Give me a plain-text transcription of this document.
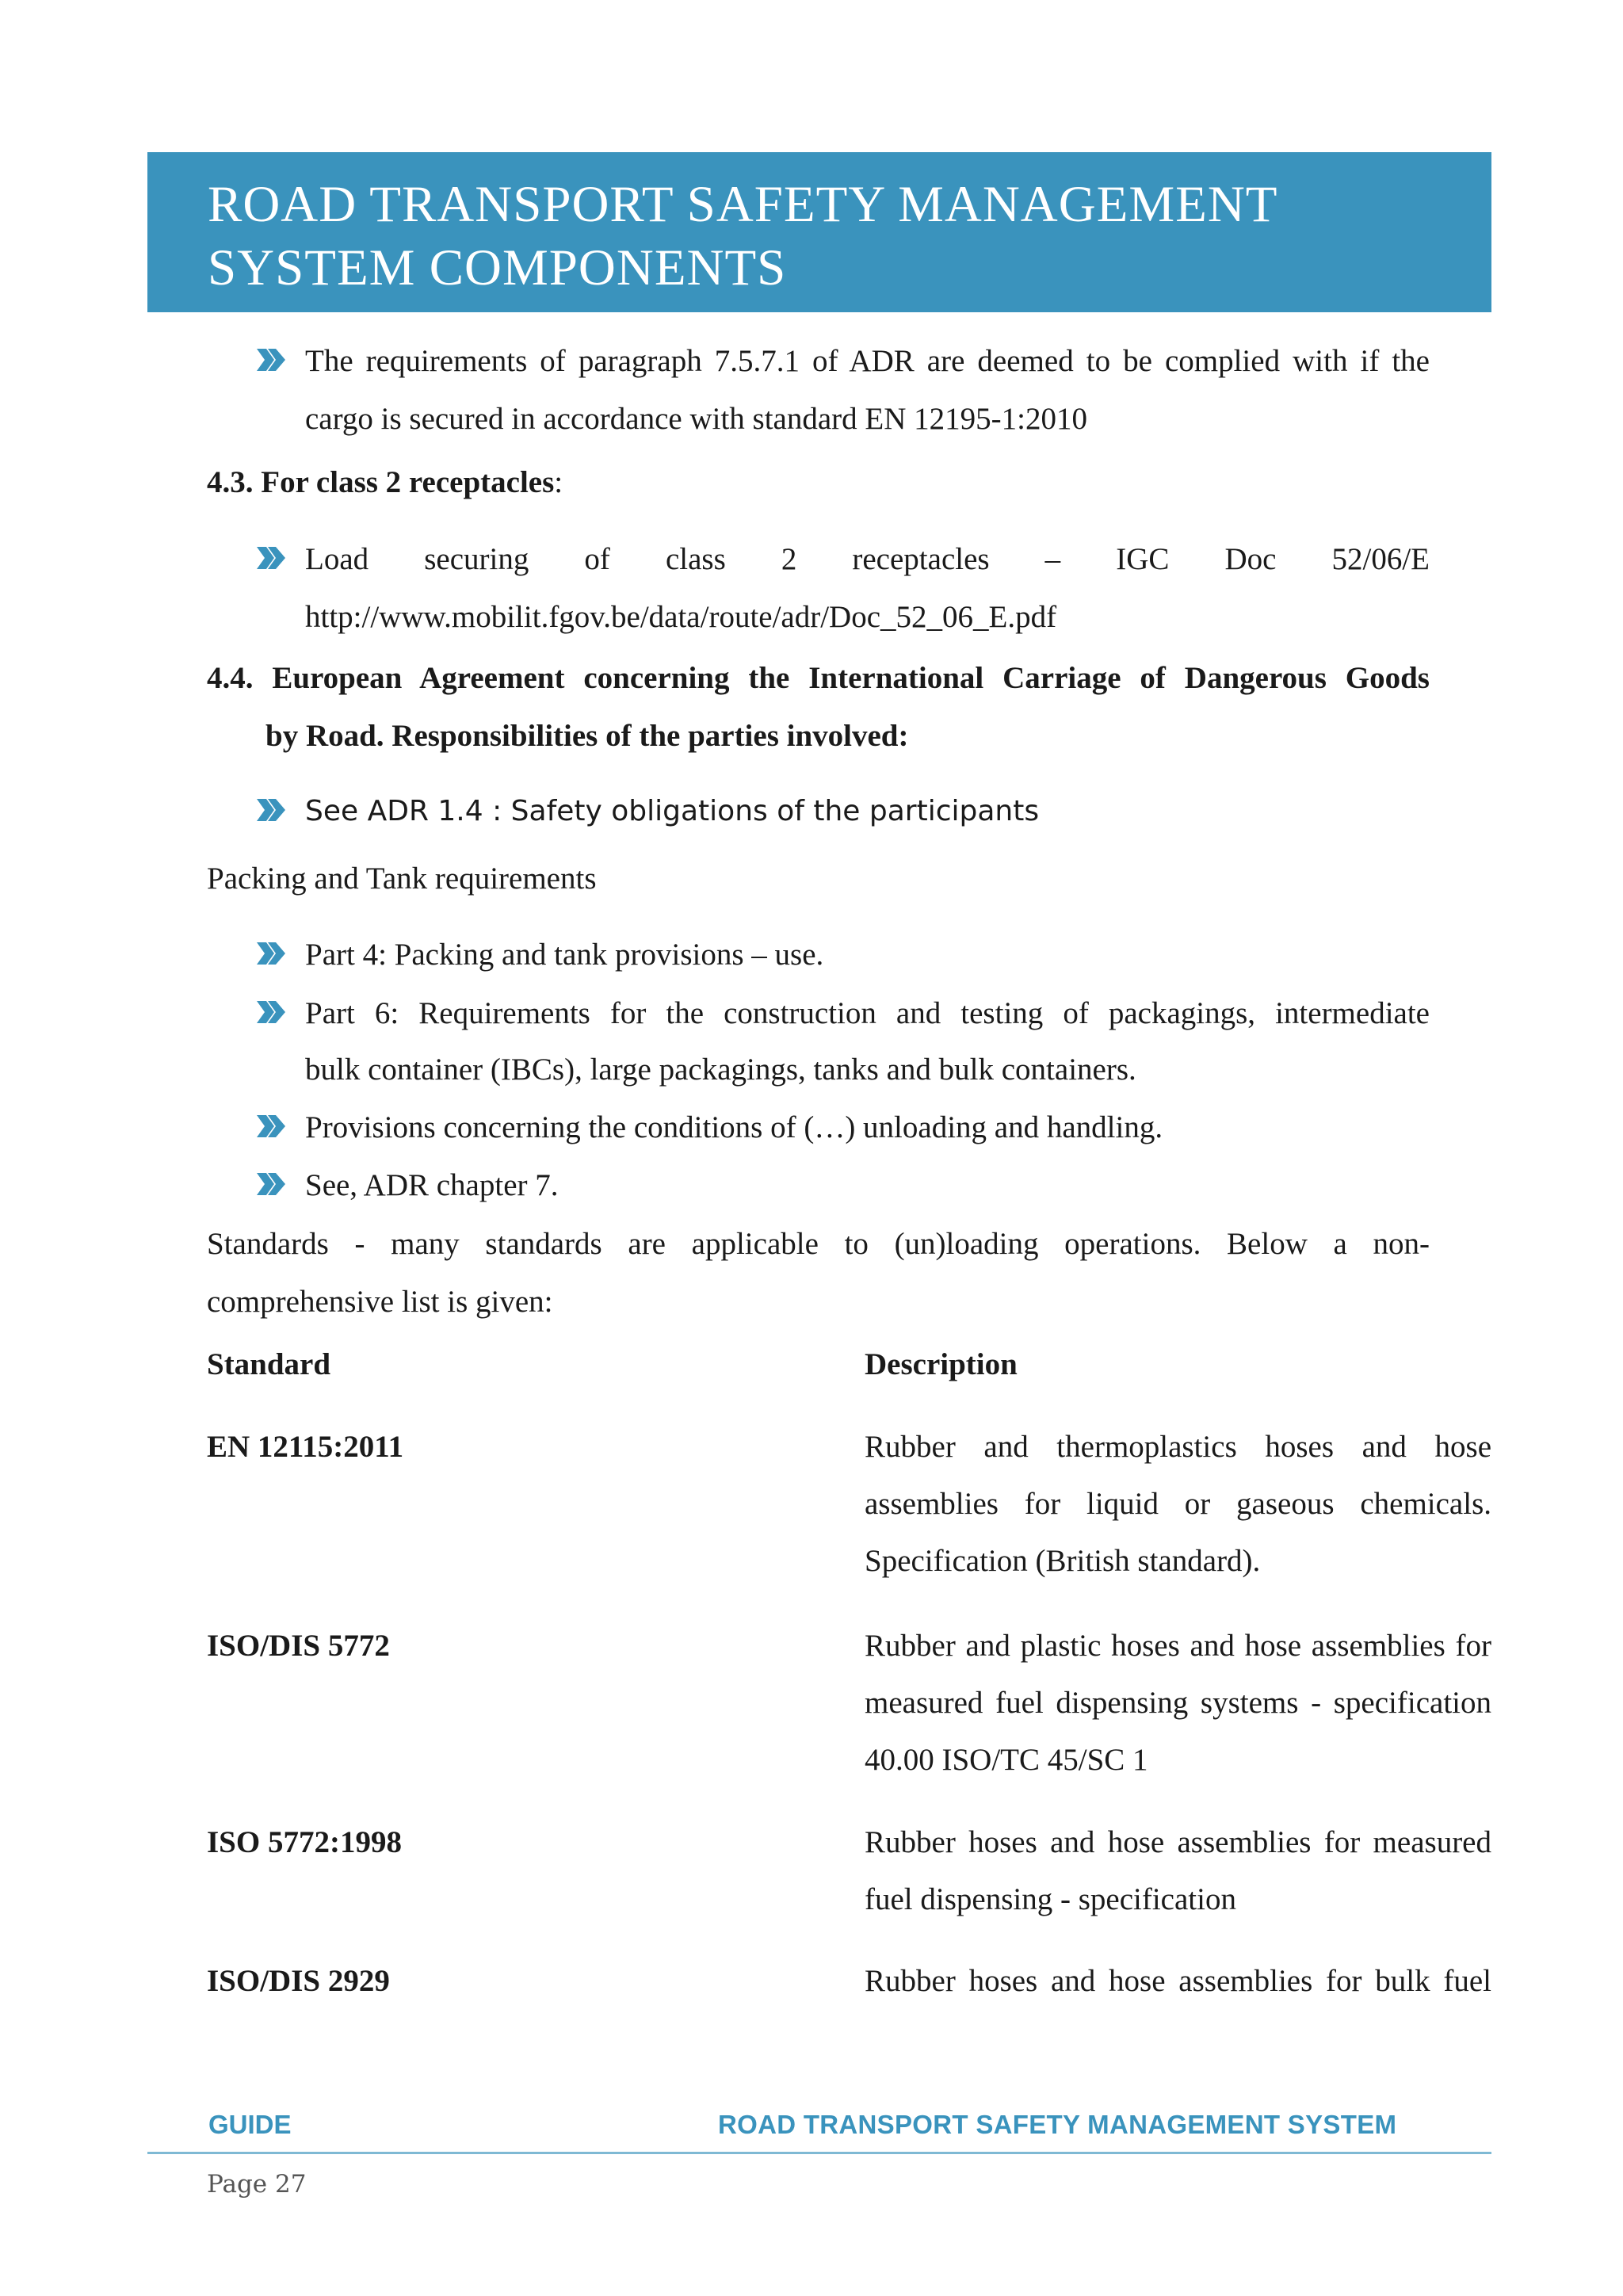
ROAD TRANSPORT SAFETY MANAGEMENT
SYSTEM COMPONENTS
The requirements of paragraph 7.5.7.1 of ADR are deemed to be complied with if the
cargo is secured in accordance with standard EN 12195-1:2010
4.3. For class 2 receptacles:
Load securing of class 2 receptacles – IGC Doc 52/06/E
http://www.mobilit.fgov.be/data/route/adr/Doc_52_06_E.pdf
4.4. European Agreement concerning the International Carriage of Dangerous Goods
by Road. Responsibilities of the parties involved:
See ADR 1.4 : Safety obligations of the participants
Packing and Tank requirements
Part 4: Packing and tank provisions – use.
Part 6: Requirements for the construction and testing of packagings, intermediate
bulk container (IBCs), large packagings, tanks and bulk containers.
Provisions concerning the conditions of (…) unloading and handling.
See, ADR chapter 7.
Standards - many standards are applicable to (un)loading operations. Below a non-
comprehensive list is given:
Standard	Description
EN 12115:2011	Rubber and thermoplastics hoses and hose assemblies for liquid or gaseous chemicals. Specification (British standard).
ISO/DIS 5772	Rubber and plastic hoses and hose assemblies for measured fuel dispensing systems - specification 40.00 ISO/TC 45/SC 1
ISO 5772:1998	Rubber hoses and hose assemblies for measured fuel dispensing - specification
ISO/DIS 2929	Rubber hoses and hose assemblies for bulk fuel
GUIDE	ROAD TRANSPORT SAFETY MANAGEMENT SYSTEM
Page 27
